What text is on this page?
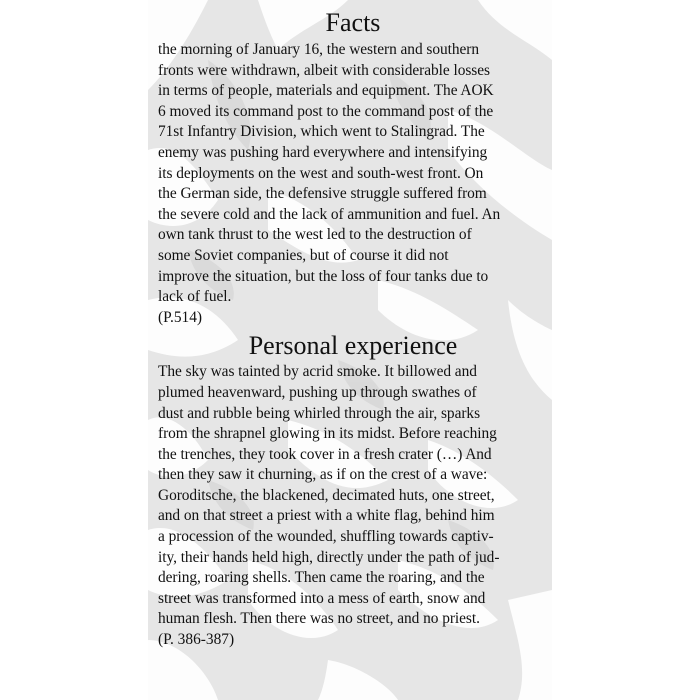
Facts

the morning of January 16, the western and southern
fronts were withdrawn, albeit with considerable losses
in terms of people, materials and equipment. The AOK
6 moved its command post to the command post of the
71st Infantry Division, which went to Stalingrad. The
enemy was pushing hard everywhere and intensifying
its deployments on the west and south-west front. On
the German side, the defensive struggle suffered from
the severe cold and the lack of ammunition and fuel. An
own tank thrust to the west led to the destruction of
some Soviet companies, but of course it did not
improve the situation, but the loss of four tanks due to
lack of fuel.

(P.514)

Personal experience

The sky was tainted by acrid smoke. It billowed and
plumed heavenward, pushing up through swathes of
dust and rubble being whirled through the air, sparks
from the shrapnel glowing in its midst. Before reaching
the trenches, they took cover in a fresh crater (…) And
then they saw it churning, as if on the crest of a wave:
Goroditsche, the blackened, decimated huts, one street,
and on that street a priest with a white flag, behind him
a procession of the wounded, shuffling towards captiv-
ity, their hands held high, directly under the path of jud-
dering, roaring shells. Then came the roaring, and the
street was transformed into a mess of earth, snow and
human flesh. Then there was no street, and no priest.

(P. 386-387)
